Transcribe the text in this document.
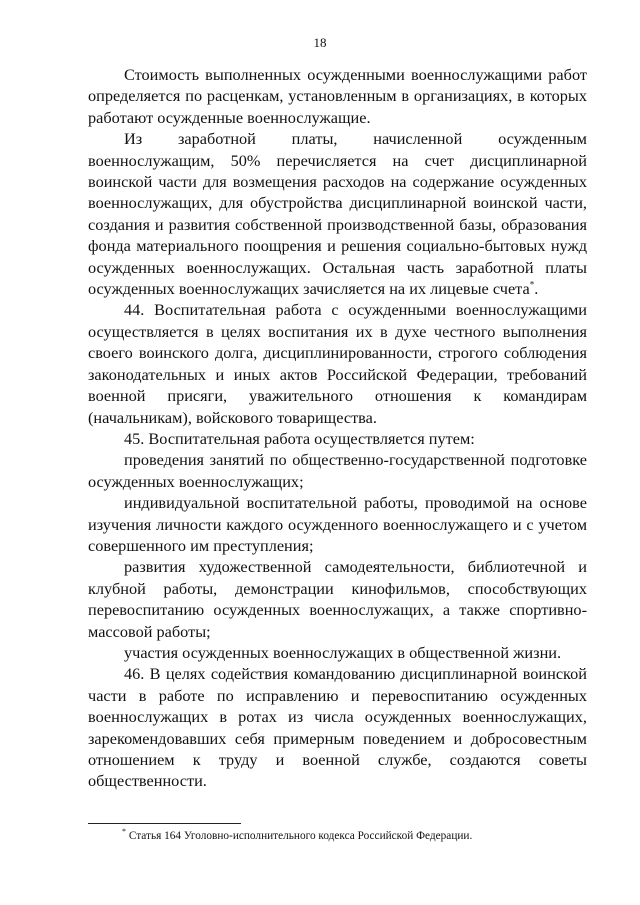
18

Стоимость выполненных осужденными военнослужащими работ определяется по расценкам, установленным в организациях, в которых работают осужденные военнослужащие.

Из заработной платы, начисленной осужденным военнослужащим, 50% перечисляется на счет дисциплинарной воинской части для возмещения расходов на содержание осужденных военнослужащих, для обустройства дисциплинарной воинской части, создания и развития собственной производственной базы, образования фонда материального поощрения и решения социально-бытовых нужд осужденных военнослужащих. Остальная часть заработной платы осужденных военнослужащих зачисляется на их лицевые счета*.

44. Воспитательная работа с осужденными военнослужащими осуществляется в целях воспитания их в духе честного выполнения своего воинского долга, дисциплинированности, строгого соблюдения законодательных и иных актов Российской Федерации, требований военной присяги, уважительного отношения к командирам (начальникам), войскового товарищества.

45. Воспитательная работа осуществляется путем:

проведения занятий по общественно-государственной подготовке осужденных военнослужащих;

индивидуальной воспитательной работы, проводимой на основе изучения личности каждого осужденного военнослужащего и с учетом совершенного им преступления;

развития художественной самодеятельности, библиотечной и клубной работы, демонстрации кинофильмов, способствующих перевоспитанию осужденных военнослужащих, а также спортивно-массовой работы;

участия осужденных военнослужащих в общественной жизни.

46. В целях содействия командованию дисциплинарной воинской части в работе по исправлению и перевоспитанию осужденных военнослужащих в ротах из числа осужденных военнослужащих, зарекомендовавших себя примерным поведением и добросовестным отношением к труду и военной службе, создаются советы общественности.

* Статья 164 Уголовно-исполнительного кодекса Российской Федерации.
